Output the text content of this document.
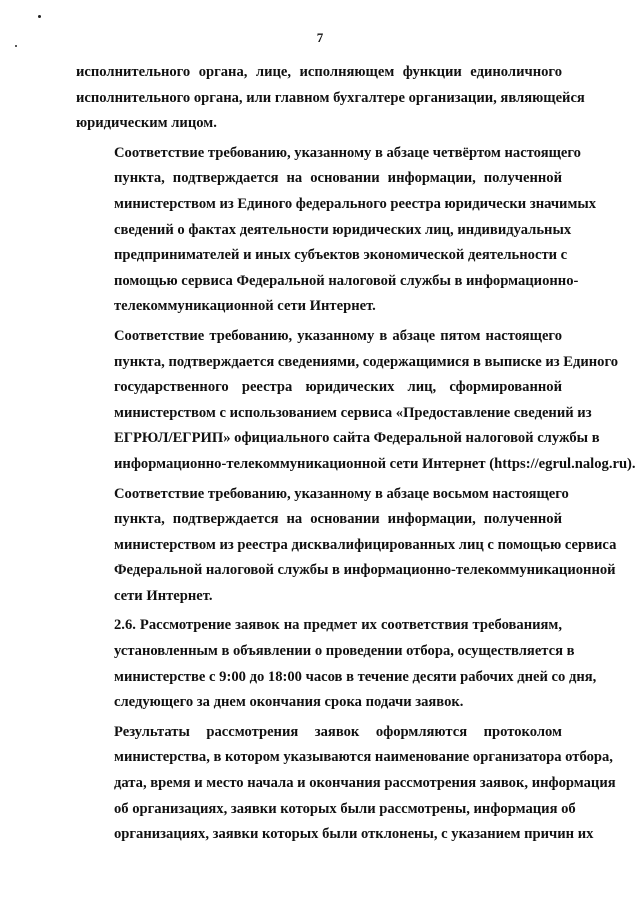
7
исполнительного органа, лице, исполняющем функции единоличного
исполнительного органа, или главном бухгалтере организации, являющейся
юридическим лицом.
Соответствие требованию, указанному в абзаце четвёртом настоящего
пункта, подтверждается на основании информации, полученной
министерством из Единого федерального реестра юридически значимых
сведений о фактах деятельности юридических лиц, индивидуальных
предпринимателей и иных субъектов экономической деятельности с
помощью сервиса Федеральной налоговой службы в информационно-
телекоммуникационной сети Интернет.
Соответствие требованию, указанному в абзаце пятом настоящего
пункта, подтверждается сведениями, содержащимися в выписке из Единого
государственного реестра юридических лиц, сформированной
министерством с использованием сервиса «Предоставление сведений из
ЕГРЮЛ/ЕГРИП» официального сайта Федеральной налоговой службы в
информационно-телекоммуникационной сети Интернет (https://egrul.nalog.ru).
Соответствие требованию, указанному в абзаце восьмом настоящего
пункта, подтверждается на основании информации, полученной
министерством из реестра дисквалифицированных лиц с помощью сервиса
Федеральной налоговой службы в информационно-телекоммуникационной
сети Интернет.
2.6. Рассмотрение заявок на предмет их соответствия требованиям,
установленным в объявлении о проведении отбора, осуществляется в
министерстве с 9:00 до 18:00 часов в течение десяти рабочих дней со дня,
следующего за днем окончания срока подачи заявок.
Результаты рассмотрения заявок оформляются протоколом
министерства, в котором указываются наименование организатора отбора,
дата, время и место начала и окончания рассмотрения заявок, информация
об организациях, заявки которых были рассмотрены, информация об
организациях, заявки которых были отклонены, с указанием причин их
